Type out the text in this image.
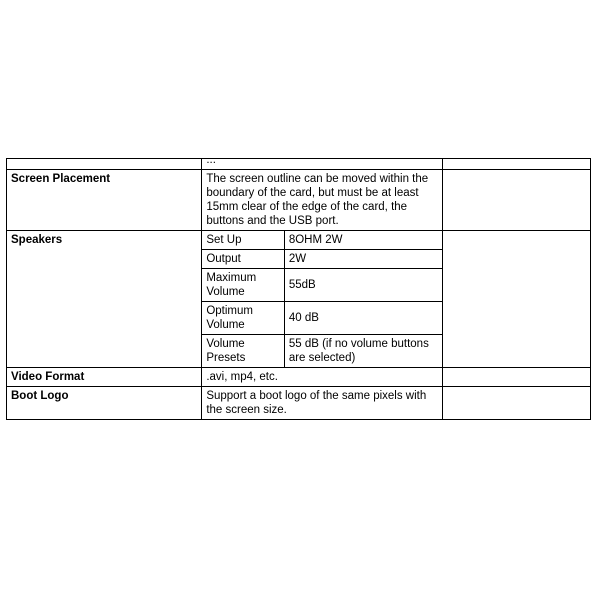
...

Screen Placement	The screen outline can be moved within the boundary of the card, but must be at least 15mm clear of the edge of the card, the buttons and the USB port.	
Speakers		Set Up	8OHM 2W
Output	2W
Maximum Volume	55dB
Optimum Volume	40 dB
Volume Presets	55 dB (if no volume buttons are selected)

Video Format	.avi, mp4, etc.	
Boot Logo	Support a boot logo of the same pixels with the screen size.	
